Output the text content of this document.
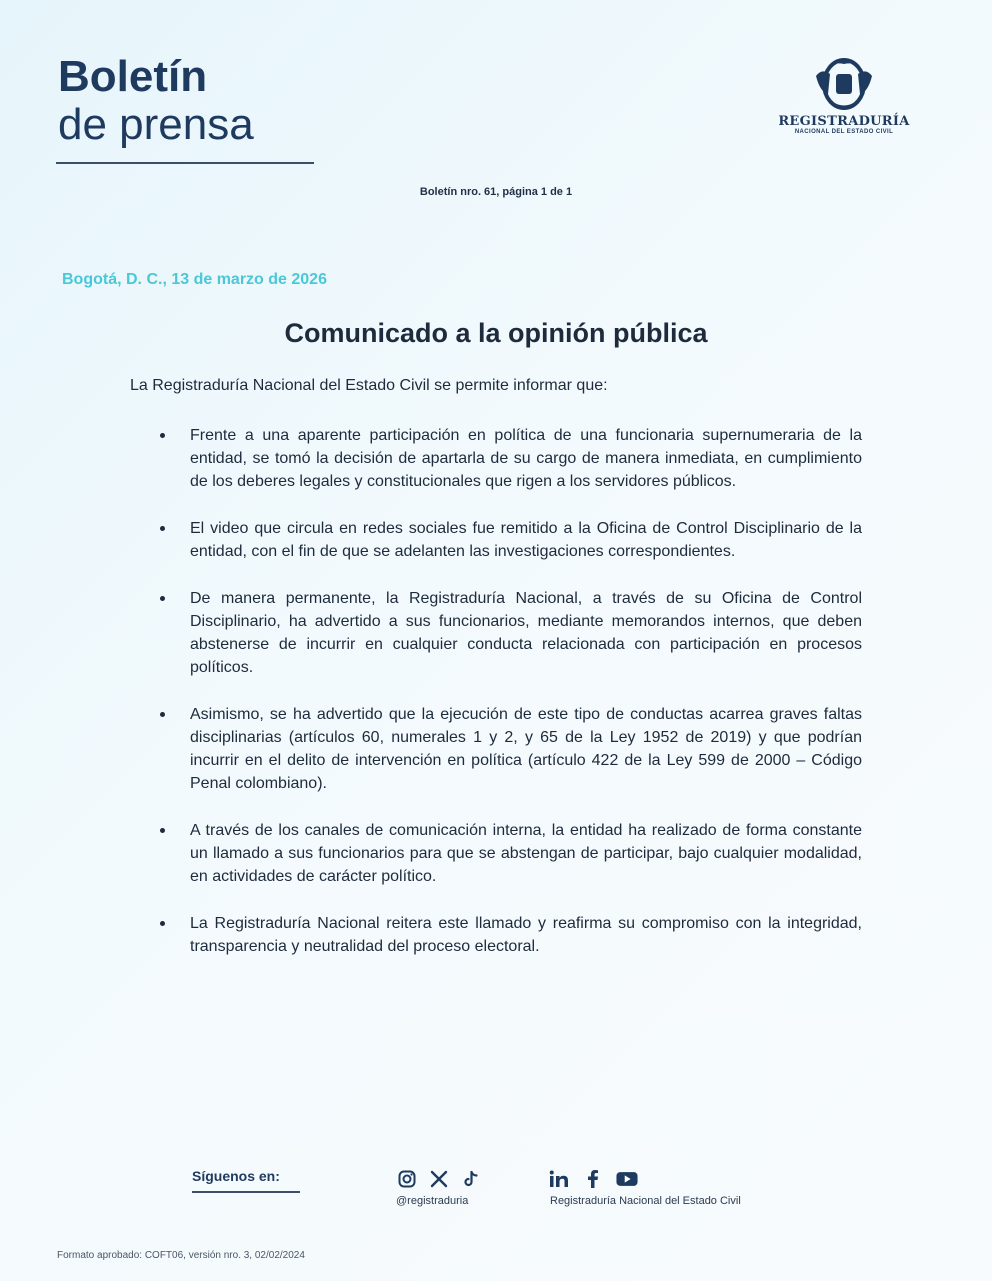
Boletín
de prensa	REGISTRADURÍA
NACIONAL DEL ESTADO CIVIL
Boletín nro. 61, página 1 de 1
Bogotá, D. C., 13 de marzo de 2026
Comunicado a la opinión pública
La Registraduría Nacional del Estado Civil se permite informar que:
Frente a una aparente participación en política de una funcionaria supernumeraria de la entidad, se tomó la decisión de apartarla de su cargo de manera inmediata, en cumplimiento de los deberes legales y constitucionales que rigen a los servidores públicos.
El video que circula en redes sociales fue remitido a la Oficina de Control Disciplinario de la entidad, con el fin de que se adelanten las investigaciones correspondientes.
De manera permanente, la Registraduría Nacional, a través de su Oficina de Control Disciplinario, ha advertido a sus funcionarios, mediante memorandos internos, que deben abstenerse de incurrir en cualquier conducta relacionada con participación en procesos políticos.
Asimismo, se ha advertido que la ejecución de este tipo de conductas acarrea graves faltas disciplinarias (artículos 60, numerales 1 y 2, y 65 de la Ley 1952 de 2019) y que podrían incurrir en el delito de intervención en política (artículo 422 de la Ley 599 de 2000 – Código Penal colombiano).
A través de los canales de comunicación interna, la entidad ha realizado de forma constante un llamado a sus funcionarios para que se abstengan de participar, bajo cualquier modalidad, en actividades de carácter político.
La Registraduría Nacional reitera este llamado y reafirma su compromiso con la integridad, transparencia y neutralidad del proceso electoral.
Síguenos en:
@registraduria	Registraduría Nacional del Estado Civil
Formato aprobado: COFT06, versión nro. 3, 02/02/2024
